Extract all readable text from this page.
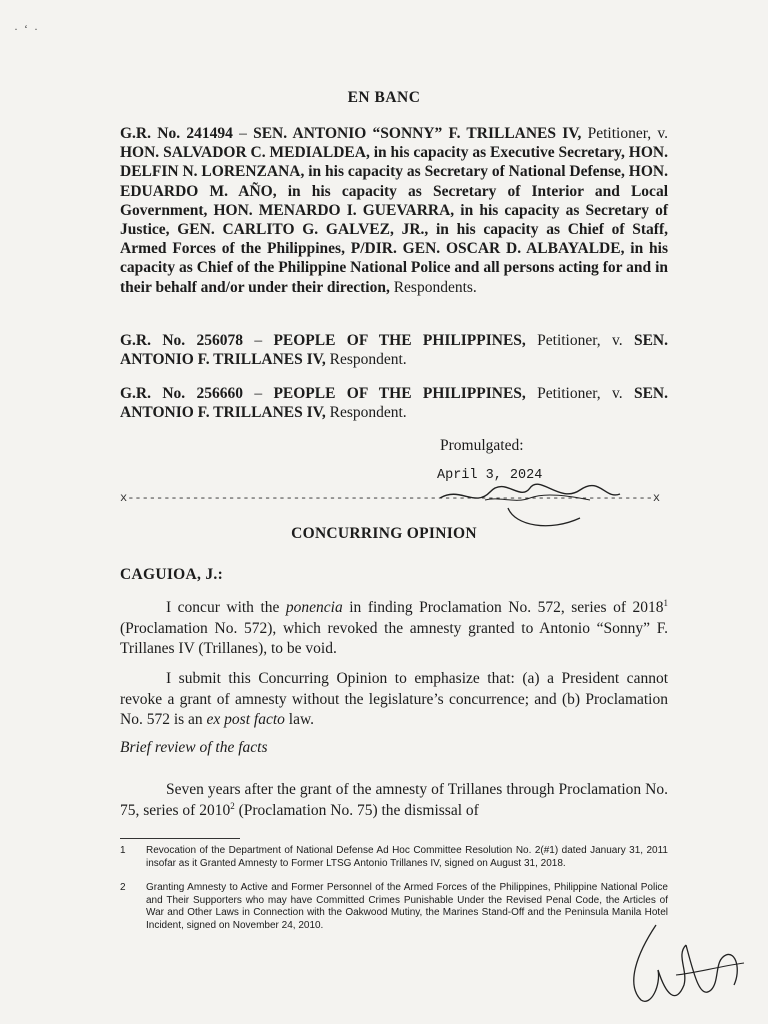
·‘·
EN BANC
G.R. No. 241494 – SEN. ANTONIO “SONNY” F. TRILLANES IV, Petitioner, v. HON. SALVADOR C. MEDIALDEA, in his capacity as Executive Secretary, HON. DELFIN N. LORENZANA, in his capacity as Secretary of National Defense, HON. EDUARDO M. AÑO, in his capacity as Secretary of Interior and Local Government, HON. MENARDO I. GUEVARRA, in his capacity as Secretary of Justice, GEN. CARLITO G. GALVEZ, JR., in his capacity as Chief of Staff, Armed Forces of the Philippines, P/DIR. GEN. OSCAR D. ALBAYALDE, in his capacity as Chief of the Philippine National Police and all persons acting for and in their behalf and/or under their direction, Respondents.
G.R. No. 256078 – PEOPLE OF THE PHILIPPINES, Petitioner, v. SEN. ANTONIO F. TRILLANES IV, Respondent.
G.R. No. 256660 – PEOPLE OF THE PHILIPPINES, Petitioner, v. SEN. ANTONIO F. TRILLANES IV, Respondent.
Promulgated:
April 3, 2024
x-------------------------------------------------------------------------x
CONCURRING OPINION
CAGUIOA, J.:
I concur with the ponencia in finding Proclamation No. 572, series of 2018$^1$ (Proclamation No. 572), which revoked the amnesty granted to Antonio “Sonny” F. Trillanes IV (Trillanes), to be void.
I submit this Concurring Opinion to emphasize that: (a) a President cannot revoke a grant of amnesty without the legislature’s concurrence; and (b) Proclamation No. 572 is an ex post facto law.
Brief review of the facts
Seven years after the grant of the amnesty of Trillanes through Proclamation No. 75, series of 2010$^2$ (Proclamation No. 75) the dismissal of
1 Revocation of the Department of National Defense Ad Hoc Committee Resolution No. 2(#1) dated January 31, 2011 insofar as it Granted Amnesty to Former LTSG Antonio Trillanes IV, signed on August 31, 2018.
2 Granting Amnesty to Active and Former Personnel of the Armed Forces of the Philippines, Philippine National Police and Their Supporters who may have Committed Crimes Punishable Under the Revised Penal Code, the Articles of War and Other Laws in Connection with the Oakwood Mutiny, the Marines Stand-Off and the Peninsula Manila Hotel Incident, signed on November 24, 2010.
